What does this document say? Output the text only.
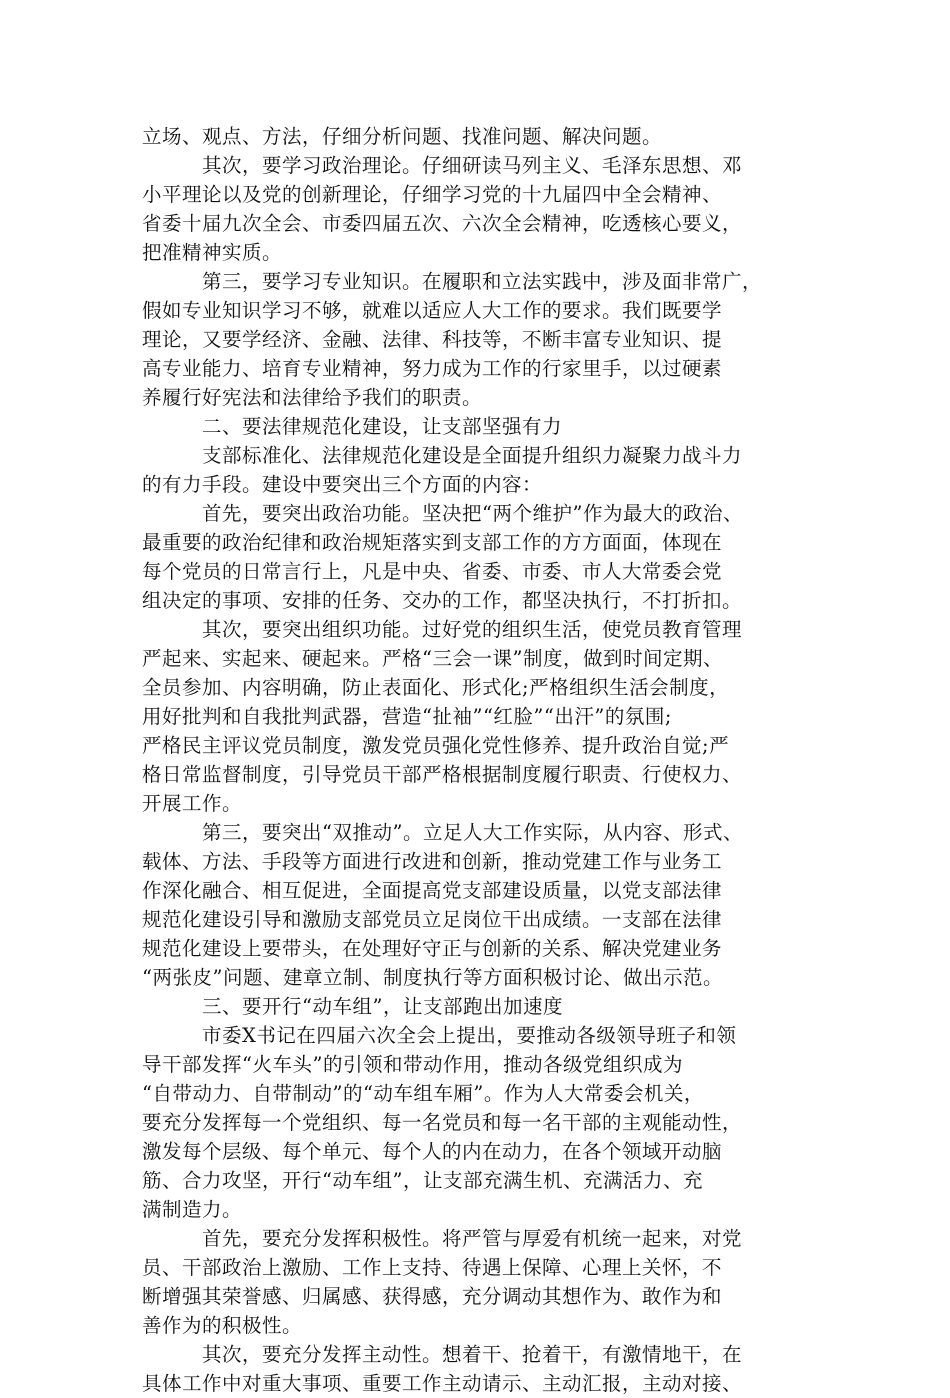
立场、观点、方法，仔细分析问题、找准问题、解决问题。
其次，要学习政治理论。仔细研读马列主义、毛泽东思想、邓
小平理论以及党的创新理论，仔细学习党的十九届四中全会精神、
省委十届九次全会、市委四届五次、六次全会精神，吃透核心要义，
把准精神实质。
第三，要学习专业知识。在履职和立法实践中，涉及面非常广，
假如专业知识学习不够，就难以适应人大工作的要求。我们既要学
理论，又要学经济、金融、法律、科技等，不断丰富专业知识、提
高专业能力、培育专业精神，努力成为工作的行家里手，以过硬素
养履行好宪法和法律给予我们的职责。
二、要法律规范化建设，让支部坚强有力
支部标准化、法律规范化建设是全面提升组织力凝聚力战斗力
的有力手段。建设中要突出三个方面的内容：
首先，要突出政治功能。坚决把“两个维护”作为最大的政治、
最重要的政治纪律和政治规矩落实到支部工作的方方面面，体现在
每个党员的日常言行上，凡是中央、省委、市委、市人大常委会党
组决定的事项、安排的任务、交办的工作，都坚决执行，不打折扣。
其次，要突出组织功能。过好党的组织生活，使党员教育管理
严起来、实起来、硬起来。严格“三会一课”制度，做到时间定期、
全员参加、内容明确，防止表面化、形式化;严格组织生活会制度，
用好批判和自我批判武器，营造“扯袖”“红脸”“出汗”的氛围;
严格民主评议党员制度，激发党员强化党性修养、提升政治自觉;严
格日常监督制度，引导党员干部严格根据制度履行职责、行使权力、
开展工作。
第三，要突出“双推动”。立足人大工作实际，从内容、形式、
载体、方法、手段等方面进行改进和创新，推动党建工作与业务工
作深化融合、相互促进，全面提高党支部建设质量，以党支部法律
规范化建设引导和激励支部党员立足岗位干出成绩。一支部在法律
规范化建设上要带头，在处理好守正与创新的关系、解决党建业务
“两张皮”问题、建章立制、制度执行等方面积极讨论、做出示范。
三、要开行“动车组”，让支部跑出加速度
市委X书记在四届六次全会上提出，要推动各级领导班子和领
导干部发挥“火车头”的引领和带动作用，推动各级党组织成为
“自带动力、自带制动”的“动车组车厢”。作为人大常委会机关，
要充分发挥每一个党组织、每一名党员和每一名干部的主观能动性，
激发每个层级、每个单元、每个人的内在动力，在各个领域开动脑
筋、合力攻坚，开行“动车组”，让支部充满生机、充满活力、充
满制造力。
首先，要充分发挥积极性。将严管与厚爱有机统一起来，对党
员、干部政治上激励、工作上支持、待遇上保障、心理上关怀，不
断增强其荣誉感、归属感、获得感，充分调动其想作为、敢作为和
善作为的积极性。
其次，要充分发挥主动性。想着干、抢着干，有激情地干，在
具体工作中对重大事项、重要工作主动请示、主动汇报，主动对接、
